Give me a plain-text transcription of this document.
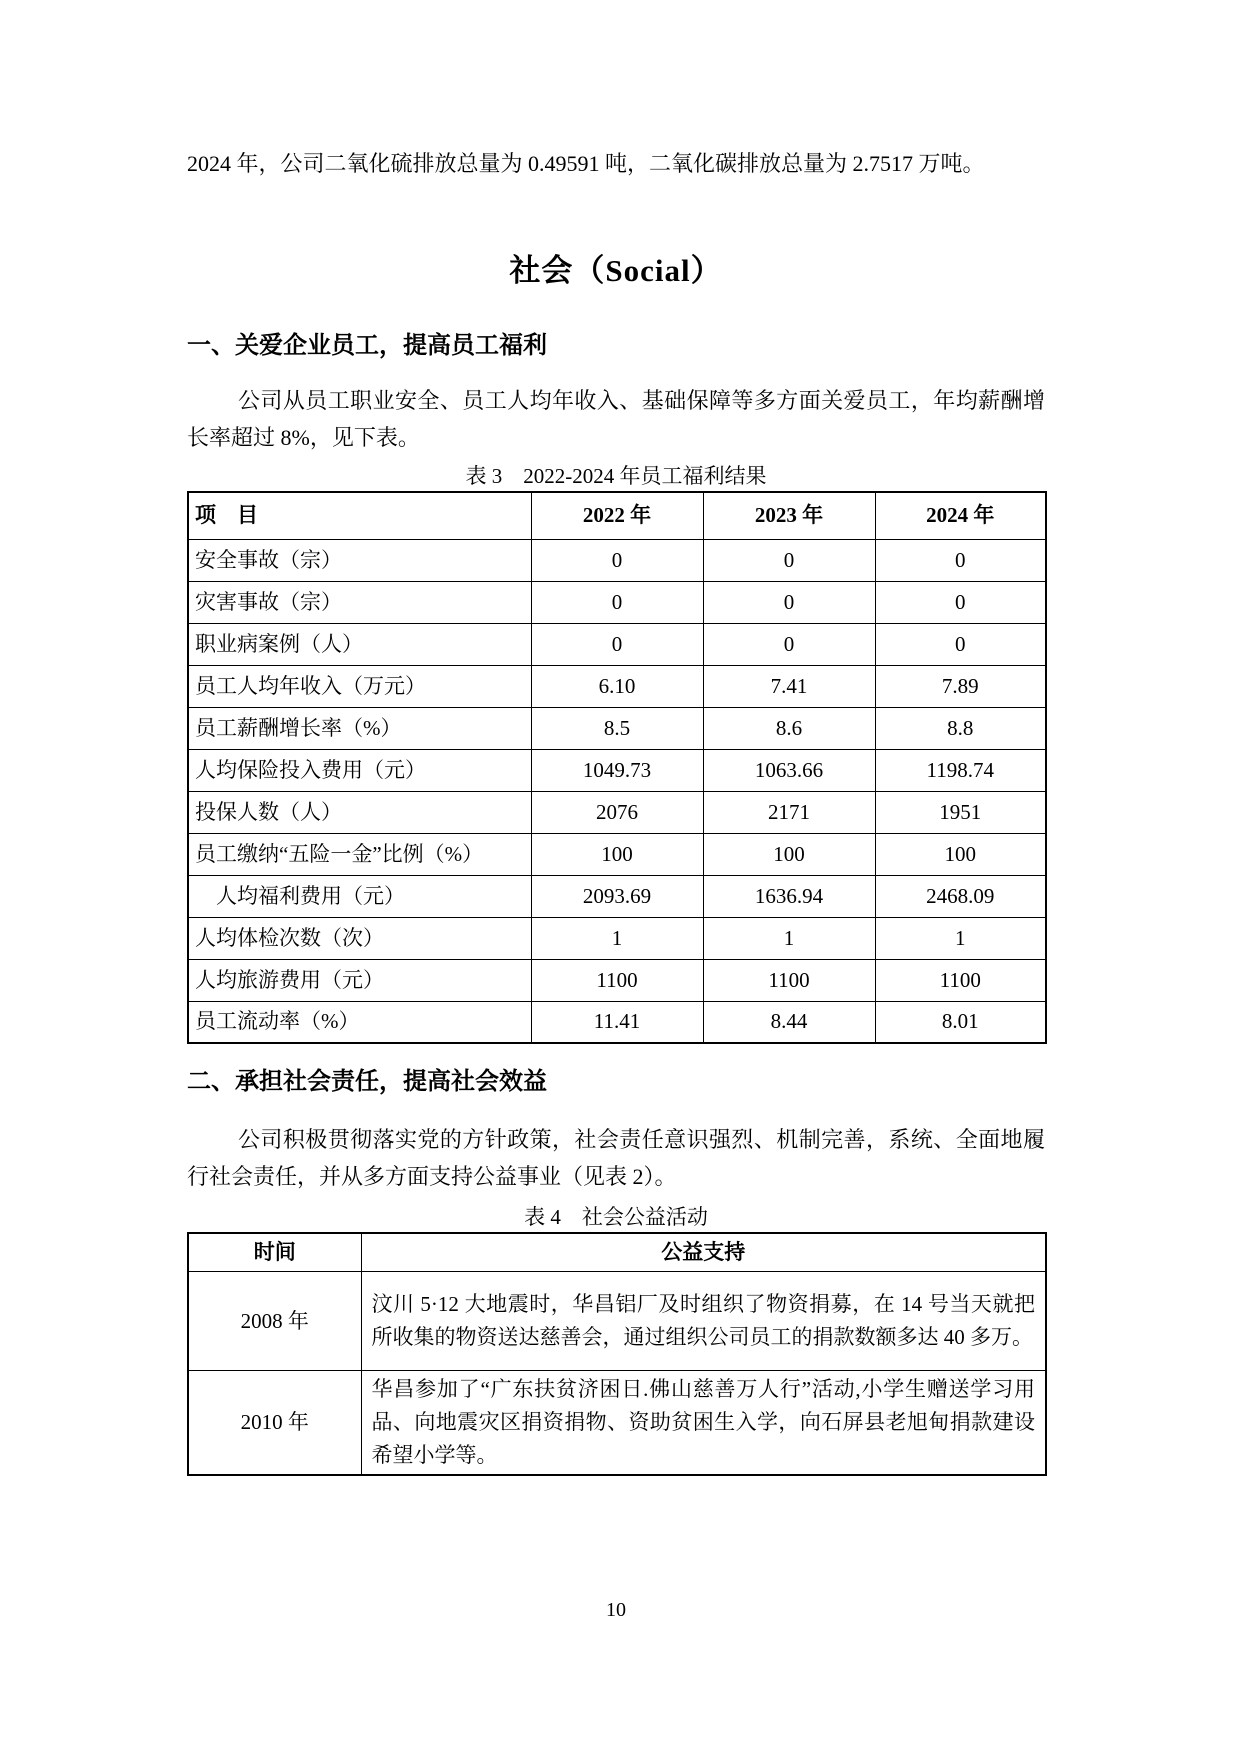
2024 年，公司二氧化硫排放总量为 0.49591 吨，二氧化碳排放总量为 2.7517 万吨。

社会（Social）
一、关爱企业员工，提高员工福利

公司从员工职业安全、员工人均年收入、基础保障等多方面关爱员工，年均薪酬增长率超过 8%，见下表。

表 3　2022-2024 年员工福利结果
项　目	2022 年	2023 年	2024 年
安全事故（宗）	0	0	0
灾害事故（宗）	0	0	0
职业病案例（人）	0	0	0
员工人均年收入（万元）	6.10	7.41	7.89
员工薪酬增长率（%）	8.5	8.6	8.8
人均保险投入费用（元）	1049.73	1063.66	1198.74
投保人数（人）	2076	2171	1951
员工缴纳“五险一金”比例（%）	100	100	100
　人均福利费用（元）	2093.69	1636.94	2468.09
人均体检次数（次）	1	1	1
人均旅游费用（元）	1100	1100	1100
员工流动率（%）	11.41	8.44	8.01
二、承担社会责任，提高社会效益

公司积极贯彻落实党的方针政策，社会责任意识强烈、机制完善，系统、全面地履行社会责任，并从多方面支持公益事业（见表 2）。

表 4　社会公益活动
时间	公益支持
2008 年	汶川 5·12 大地震时，华昌铝厂及时组织了物资捐募，在 14 号当天就把所收集的物资送达慈善会，通过组织公司员工的捐款数额多达 40 多万。
2010 年	华昌参加了“广东扶贫济困日.佛山慈善万人行”活动,小学生赠送学习用品、向地震灾区捐资捐物、资助贫困生入学，向石屏县老旭甸捐款建设希望小学等。
10
